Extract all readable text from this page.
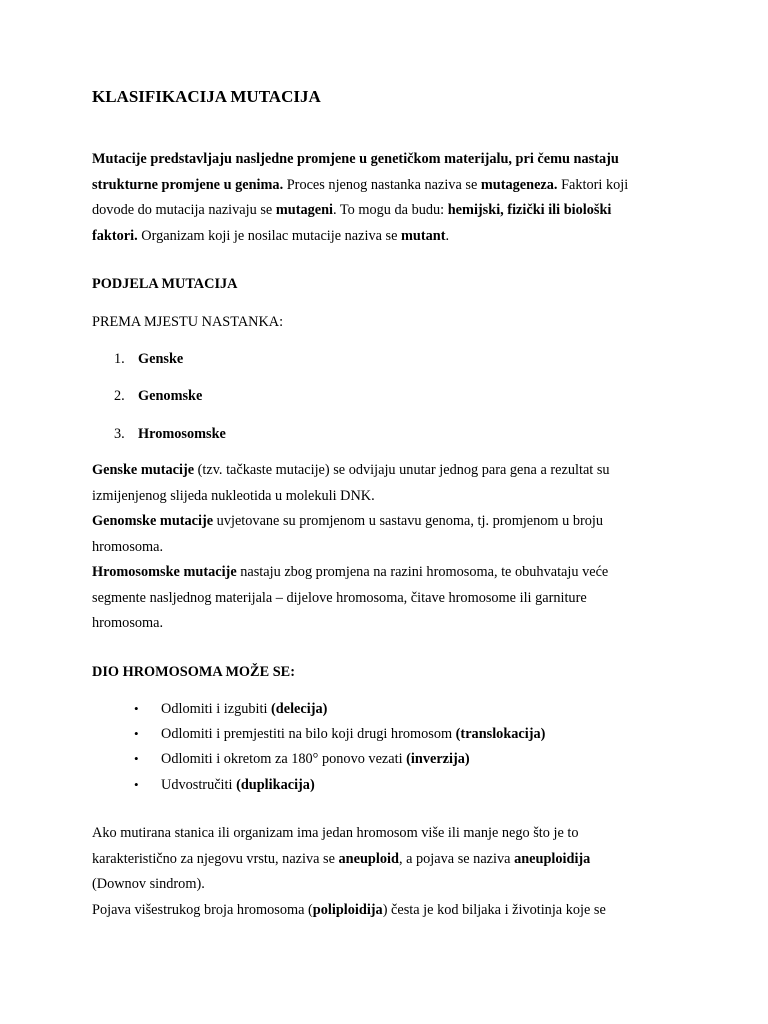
KLASIFIKACIJA MUTACIJA
Mutacije predstavljaju nasljedne promjene u genetičkom materijalu, pri čemu nastaju
strukturne promjene u genima. Proces njenog nastanka naziva se mutageneza. Faktori koji
dovode do mutacija nazivaju se mutageni. To mogu da budu: hemijski, fizički ili biološki
faktori. Organizam koji je nosilac mutacije naziva se mutant.
PODJELA MUTACIJA
PREMA MJESTU NASTANKA:
1. Genske
2. Genomske
3. Hromosomske
Genske mutacije (tzv. tačkaste mutacije) se odvijaju unutar jednog para gena a rezultat su
izmijenjenog slijeda nukleotida u molekuli DNK.
Genomske mutacije uvjetovane su promjenom u sastavu genoma, tj. promjenom u broju
hromosoma.
Hromosomske mutacije nastaju zbog promjena na razini hromosoma, te obuhvataju veće
segmente nasljednog materijala – dijelove hromosoma, čitave hromosome ili garniture
hromosoma.
DIO HROMOSOMA MOŽE SE:
• Odlomiti i izgubiti (delecija)
• Odlomiti i premjestiti na bilo koji drugi hromosom (translokacija)
• Odlomiti i okretom za 180° ponovo vezati (inverzija)
• Udvostručiti (duplikacija)
Ako mutirana stanica ili organizam ima jedan hromosom više ili manje nego što je to
karakteristično za njegovu vrstu, naziva se aneuploid, a pojava se naziva aneuploidija
(Downov sindrom).
Pojava višestrukog broja hromosoma (poliploidija) česta je kod biljaka i životinja koje se
